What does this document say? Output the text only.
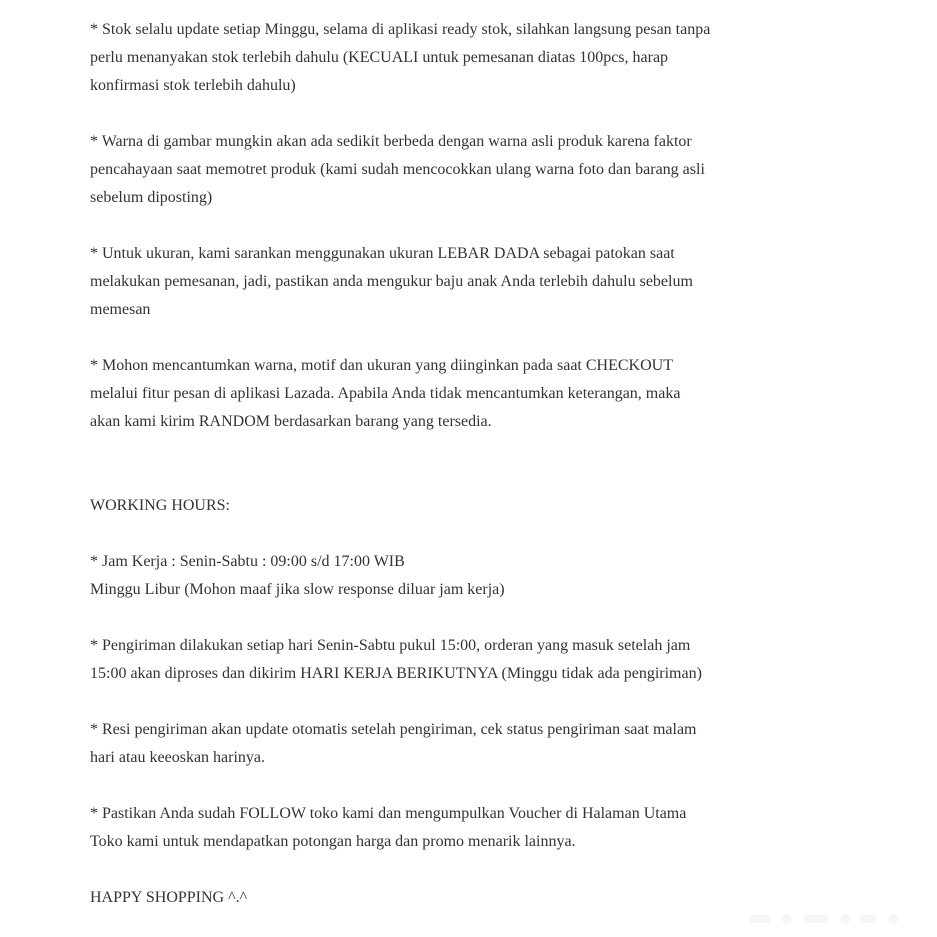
* Stok selalu update setiap Minggu, selama di aplikasi ready stok, silahkan langsung pesan tanpa
perlu menanyakan stok terlebih dahulu (KECUALI untuk pemesanan diatas 100pcs, harap
konfirmasi stok terlebih dahulu)
* Warna di gambar mungkin akan ada sedikit berbeda dengan warna asli produk karena faktor
pencahayaan saat memotret produk (kami sudah mencocokkan ulang warna foto dan barang asli
sebelum diposting)
* Untuk ukuran, kami sarankan menggunakan ukuran LEBAR DADA sebagai patokan saat
melakukan pemesanan, jadi, pastikan anda mengukur baju anak Anda terlebih dahulu sebelum
memesan
* Mohon mencantumkan warna, motif dan ukuran yang diinginkan pada saat CHECKOUT
melalui fitur pesan di aplikasi Lazada. Apabila Anda tidak mencantumkan keterangan, maka
akan kami kirim RANDOM berdasarkan barang yang tersedia.
WORKING HOURS:
* Jam Kerja : Senin-Sabtu : 09:00 s/d 17:00 WIB
Minggu Libur (Mohon maaf jika slow response diluar jam kerja)
* Pengiriman dilakukan setiap hari Senin-Sabtu pukul 15:00, orderan yang masuk setelah jam
15:00 akan diproses dan dikirim HARI KERJA BERIKUTNYA (Minggu tidak ada pengiriman)
* Resi pengiriman akan update otomatis setelah pengiriman, cek status pengiriman saat malam
hari atau keeoskan harinya.
* Pastikan Anda sudah FOLLOW toko kami dan mengumpulkan Voucher di Halaman Utama
Toko kami untuk mendapatkan potongan harga dan promo menarik lainnya.
HAPPY SHOPPING ^.^
